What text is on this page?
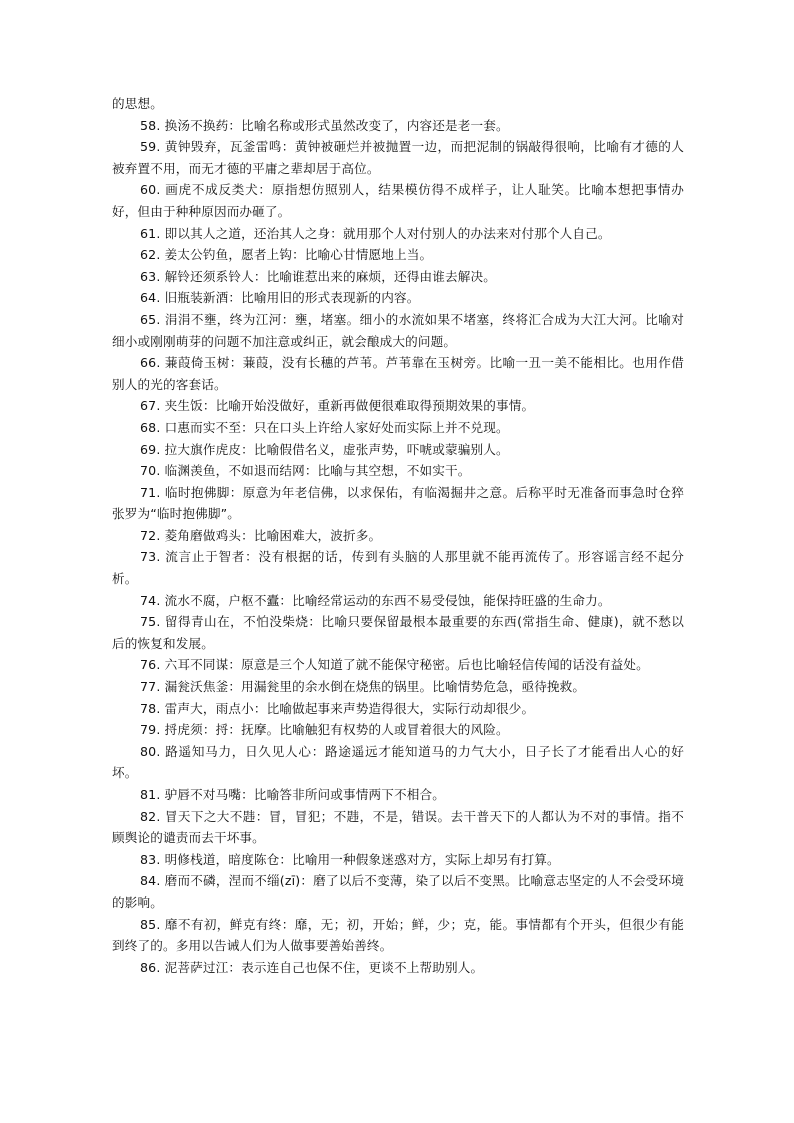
的思想。

58. 换汤不换药：比喻名称或形式虽然改变了，内容还是老一套。

59. 黄钟毁弃，瓦釜雷鸣：黄钟被砸烂并被抛置一边，而把泥制的锅敲得很响，比喻有才德的人被弃置不用，而无才德的平庸之辈却居于高位。

60. 画虎不成反类犬：原指想仿照别人，结果模仿得不成样子，让人耻笑。比喻本想把事情办好，但由于种种原因而办砸了。

61. 即以其人之道，还治其人之身：就用那个人对付别人的办法来对付那个人自己。

62. 姜太公钓鱼，愿者上钩：比喻心甘情愿地上当。

63. 解铃还须系铃人：比喻谁惹出来的麻烦，还得由谁去解决。

64. 旧瓶装新酒：比喻用旧的形式表现新的内容。

65. 涓涓不壅，终为江河：壅，堵塞。细小的水流如果不堵塞，终将汇合成为大江大河。比喻对细小或刚刚萌芽的问题不加注意或纠正，就会酿成大的问题。

66. 蒹葭倚玉树：蒹葭，没有长穗的芦苇。芦苇靠在玉树旁。比喻一丑一美不能相比。也用作借别人的光的客套话。

67. 夹生饭：比喻开始没做好，重新再做便很难取得预期效果的事情。

68. 口惠而实不至：只在口头上许给人家好处而实际上并不兑现。

69. 拉大旗作虎皮：比喻假借名义，虚张声势，吓唬或蒙骗别人。

70. 临渊羡鱼，不如退而结网：比喻与其空想，不如实干。

71. 临时抱佛脚：原意为年老信佛，以求保佑，有临渴掘井之意。后称平时无准备而事急时仓猝张罗为“临时抱佛脚”。

72. 菱角磨做鸡头：比喻困难大，波折多。

73. 流言止于智者：没有根据的话，传到有头脑的人那里就不能再流传了。形容谣言经不起分析。

74. 流水不腐，户枢不蠹：比喻经常运动的东西不易受侵蚀，能保持旺盛的生命力。

75. 留得青山在，不怕没柴烧：比喻只要保留最根本最重要的东西(常指生命、健康)，就不愁以后的恢复和发展。

76. 六耳不同谋：原意是三个人知道了就不能保守秘密。后也比喻轻信传闻的话没有益处。

77. 漏瓮沃焦釜：用漏瓮里的余水倒在烧焦的锅里。比喻情势危急，亟待挽救。

78. 雷声大，雨点小：比喻做起事来声势造得很大，实际行动却很少。

79. 捋虎须：捋：抚摩。比喻触犯有权势的人或冒着很大的风险。

80. 路遥知马力，日久见人心：路途遥远才能知道马的力气大小，日子长了才能看出人心的好坏。

81. 驴唇不对马嘴：比喻答非所问或事情两下不相合。

82. 冒天下之大不韪：冒，冒犯；不韪，不是，错误。去干普天下的人都认为不对的事情。指不顾舆论的谴责而去干坏事。

83. 明修栈道，暗度陈仓：比喻用一种假象迷惑对方，实际上却另有打算。

84. 磨而不磷，涅而不缁(zī)：磨了以后不变薄，染了以后不变黑。比喻意志坚定的人不会受环境的影响。

85. 靡不有初，鲜克有终：靡，无；初，开始；鲜，少；克，能。事情都有个开头，但很少有能到终了的。多用以告诫人们为人做事要善始善终。

86. 泥菩萨过江：表示连自己也保不住，更谈不上帮助别人。
